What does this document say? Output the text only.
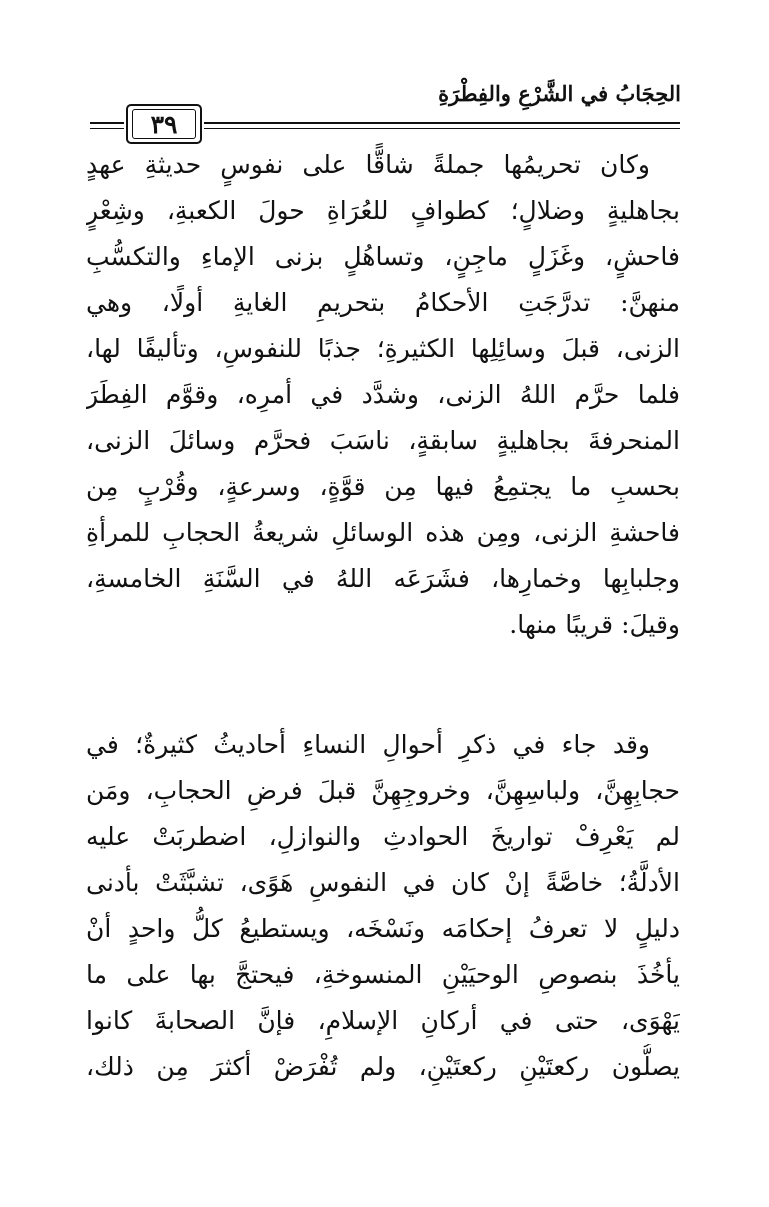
الحِجَابُ في الشَّرْعِ والفِطْرَةِ
٣٩
وكان تحريمُها جملةً شاقًّا على نفوسٍ حديثةِ عهدٍ
بجاهليةٍ وضلالٍ؛ كطوافٍ للعُرَاةِ حولَ الكعبةِ، وشِعْرٍ
فاحشٍ، وغَزَلٍ ماجِنٍ، وتساهُلٍ بزنى الإماءِ والتكسُّبِ
منهنَّ: تدرَّجَتِ الأحكامُ بتحريمِ الغايةِ أولًا، وهي
الزنى، قبلَ وسائِلِها الكثيرةِ؛ جذبًا للنفوسِ، وتأليفًا لها،
فلما حرَّم اللهُ الزنى، وشدَّد في أمرِه، وقوَّم الفِطَرَ
المنحرفةَ بجاهليةٍ سابقةٍ، ناسَبَ فحرَّم وسائلَ الزنى،
بحسبِ ما يجتمِعُ فيها مِن قوَّةٍ، وسرعةٍ، وقُرْبٍ مِن
فاحشةِ الزنى، ومِن هذه الوسائلِ شريعةُ الحجابِ للمرأةِ
وجلبابِها وخمارِها، فشَرَعَه اللهُ في السَّنَةِ الخامسةِ،
وقيلَ: قريبًا منها.
وقد جاء في ذكرِ أحوالِ النساءِ أحاديثُ كثيرةٌ؛ في
حجابِهِنَّ، ولباسِهِنَّ، وخروجِهِنَّ قبلَ فرضِ الحجابِ، ومَن
لم يَعْرِفْ تواريخَ الحوادثِ والنوازلِ، اضطربَتْ عليه
الأدلَّةُ؛ خاصَّةً إنْ كان في النفوسِ هَوًى، تشبَّثَتْ بأدنى
دليلٍ لا تعرفُ إحكامَه ونَسْخَه، ويستطيعُ كلُّ واحدٍ أنْ
يأخُذَ بنصوصِ الوحيَيْنِ المنسوخةِ، فيحتجَّ بها على ما
يَهْوَى، حتى في أركانِ الإسلامِ، فإنَّ الصحابةَ كانوا
يصلُّون ركعتَيْنِ ركعتَيْنِ، ولم تُفْرَضْ أكثرَ مِن ذلك،
